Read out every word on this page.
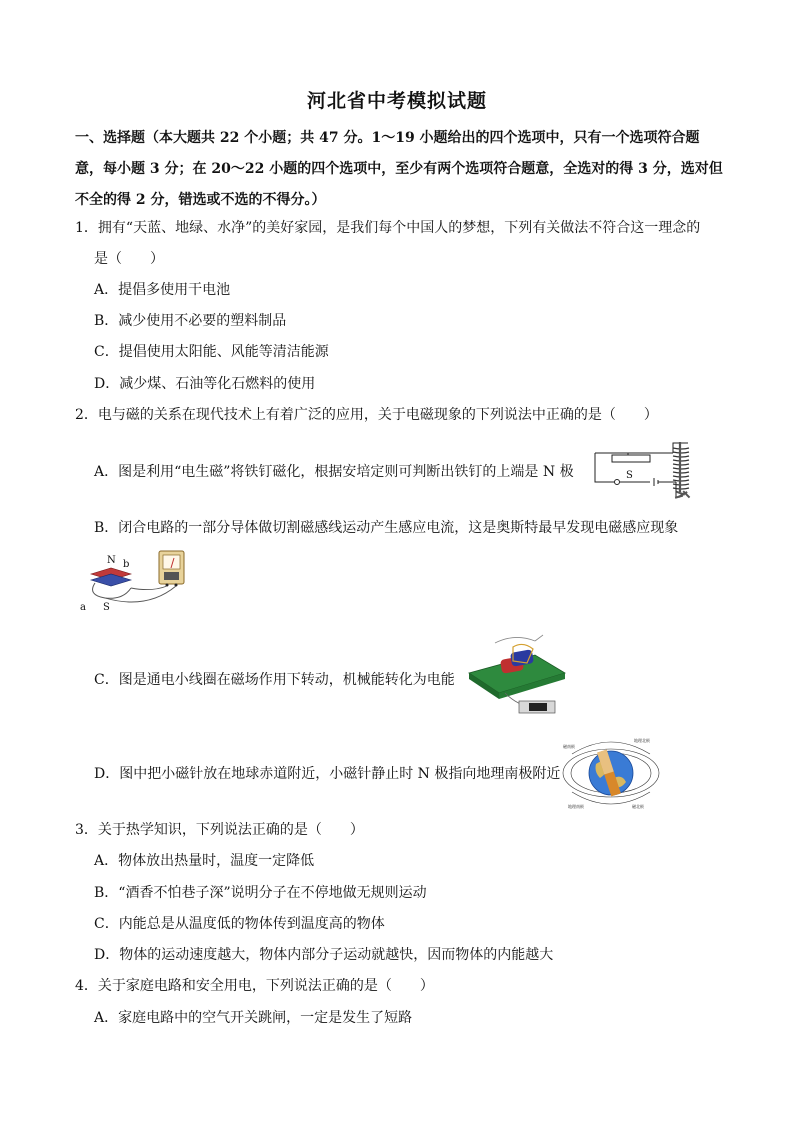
河北省中考模拟试题
一、选择题（本大题共 22 个小题；共 47 分。1～19 小题给出的四个选项中，只有一个选项符合题意，每小题 3 分；在 20～22 小题的四个选项中，至少有两个选项符合题意，全选对的得 3 分，选对但不全的得 2 分，错选或不选的不得分。）
1．拥有“天蓝、地绿、水净”的美好家园，是我们每个中国人的梦想，下列有关做法不符合这一理念的
是（　　）
A．提倡多使用干电池
B．减少使用不必要的塑料制品
C．提倡使用太阳能、风能等清洁能源
D．减少煤、石油等化石燃料的使用
2．电与磁的关系在现代技术上有着广泛的应用，关于电磁现象的下列说法中正确的是（　　）
A．图是利用“电生磁”将铁钉磁化，根据安培定则可判断出铁钉的上端是 N 极	S
B．闭合电路的一部分导体做切割磁感线运动产生感应电流，这是奥斯特最早发现电磁感应现象
N b
a S
C．图是通电小线圈在磁场作用下转动，机械能转化为电能
D．图中把小磁针放在地球赤道附近，小磁针静止时 N 极指向地理南极附近
磁南极
地理北极
地理南极	磁北极
3．关于热学知识，下列说法正确的是（　　）
A．物体放出热量时，温度一定降低
B．“酒香不怕巷子深”说明分子在不停地做无规则运动
C．内能总是从温度低的物体传到温度高的物体
D．物体的运动速度越大，物体内部分子运动就越快，因而物体的内能越大
4．关于家庭电路和安全用电，下列说法正确的是（　　）
A．家庭电路中的空气开关跳闸，一定是发生了短路
